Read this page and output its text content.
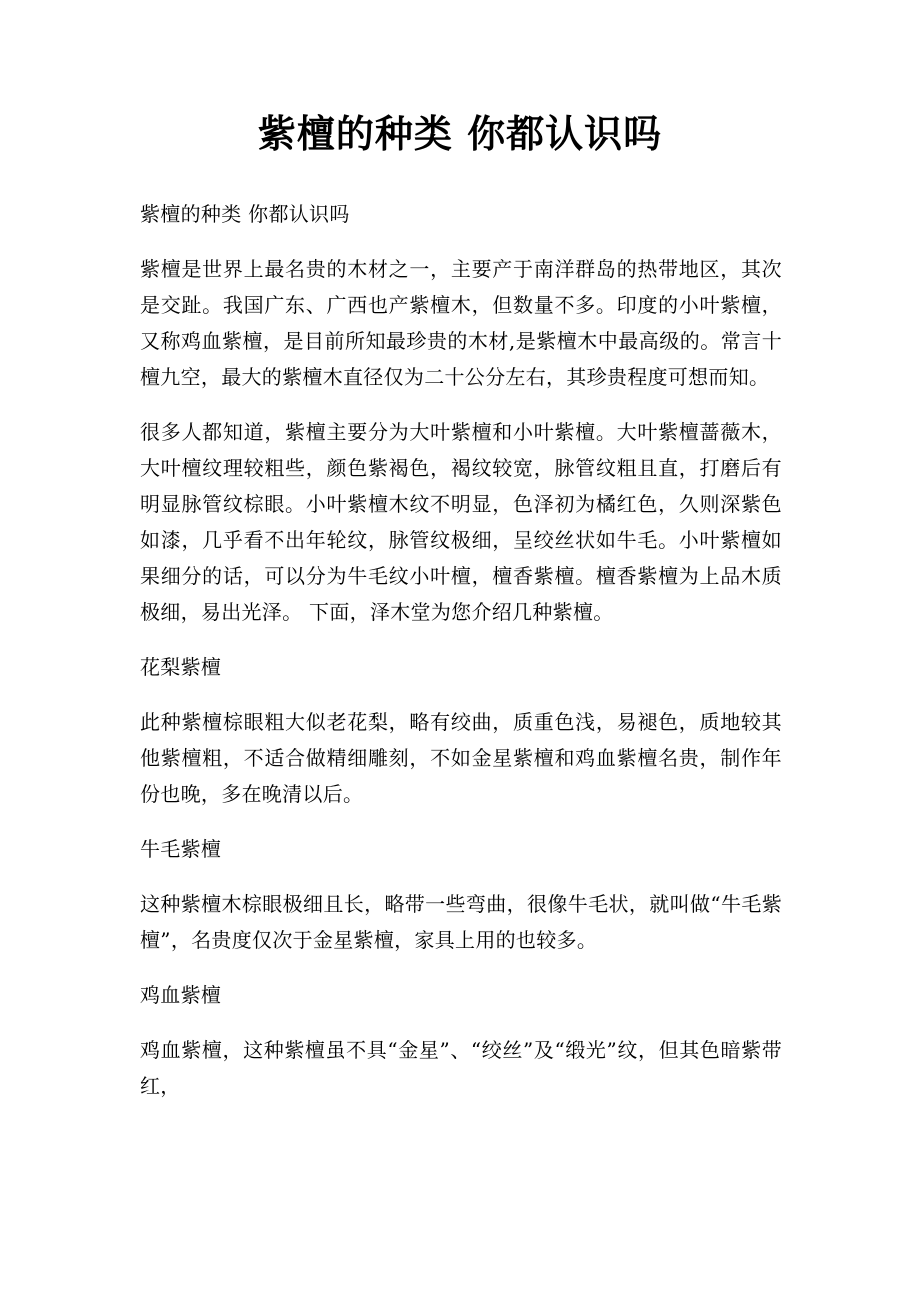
紫檀的种类 你都认识吗

紫檀的种类 你都认识吗

紫檀是世界上最名贵的木材之一，主要产于南洋群岛的热带地区，其次是交趾。我国广东、广西也产紫檀木，但数量不多。印度的小叶紫檀，又称鸡血紫檀，是目前所知最珍贵的木材,是紫檀木中最高级的。常言十檀九空，最大的紫檀木直径仅为二十公分左右，其珍贵程度可想而知。

很多人都知道，紫檀主要分为大叶紫檀和小叶紫檀。大叶紫檀蔷薇木，大叶檀纹理较粗些，颜色紫褐色，褐纹较宽，脉管纹粗且直，打磨后有明显脉管纹棕眼。小叶紫檀木纹不明显，色泽初为橘红色，久则深紫色如漆，几乎看不出年轮纹，脉管纹极细，呈绞丝状如牛毛。小叶紫檀如果细分的话，可以分为牛毛纹小叶檀，檀香紫檀。檀香紫檀为上品木质极细，易出光泽。 下面，泽木堂为您介绍几种紫檀。

花梨紫檀

此种紫檀棕眼粗大似老花梨，略有绞曲，质重色浅，易褪色，质地较其他紫檀粗，不适合做精细雕刻，不如金星紫檀和鸡血紫檀名贵，制作年份也晚，多在晚清以后。

牛毛紫檀

这种紫檀木棕眼极细且长，略带一些弯曲，很像牛毛状，就叫做“牛毛紫檀”，名贵度仅次于金星紫檀，家具上用的也较多。

鸡血紫檀

鸡血紫檀，这种紫檀虽不具“金星”、“绞丝”及“缎光”纹，但其色暗紫带红，
